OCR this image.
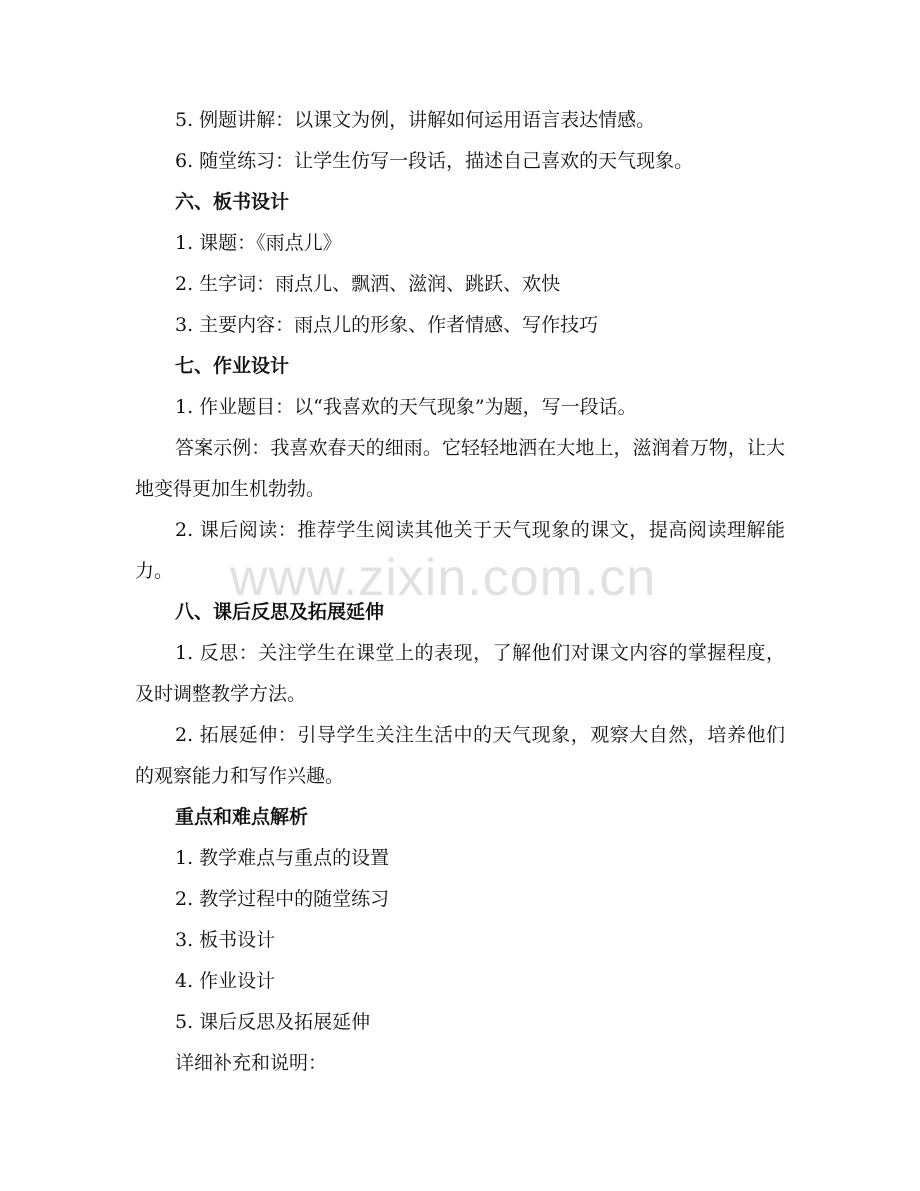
5. 例题讲解：以课文为例，讲解如何运用语言表达情感。
6. 随堂练习：让学生仿写一段话，描述自己喜欢的天气现象。
六、板书设计
1. 课题：《雨点儿》
2. 生字词：雨点儿、飘洒、滋润、跳跃、欢快
3. 主要内容：雨点儿的形象、作者情感、写作技巧
七、作业设计
1. 作业题目：以“我喜欢的天气现象”为题，写一段话。
答案示例：我喜欢春天的细雨。它轻轻地洒在大地上，滋润着万物，让大地变得更加生机勃勃。
2. 课后阅读：推荐学生阅读其他关于天气现象的课文，提高阅读理解能力。
八、课后反思及拓展延伸
1. 反思：关注学生在课堂上的表现，了解他们对课文内容的掌握程度，及时调整教学方法。
2. 拓展延伸：引导学生关注生活中的天气现象，观察大自然，培养他们的观察能力和写作兴趣。
重点和难点解析
1. 教学难点与重点的设置
2. 教学过程中的随堂练习
3. 板书设计
4. 作业设计
5. 课后反思及拓展延伸
详细补充和说明：
www.zixin.com.cn
